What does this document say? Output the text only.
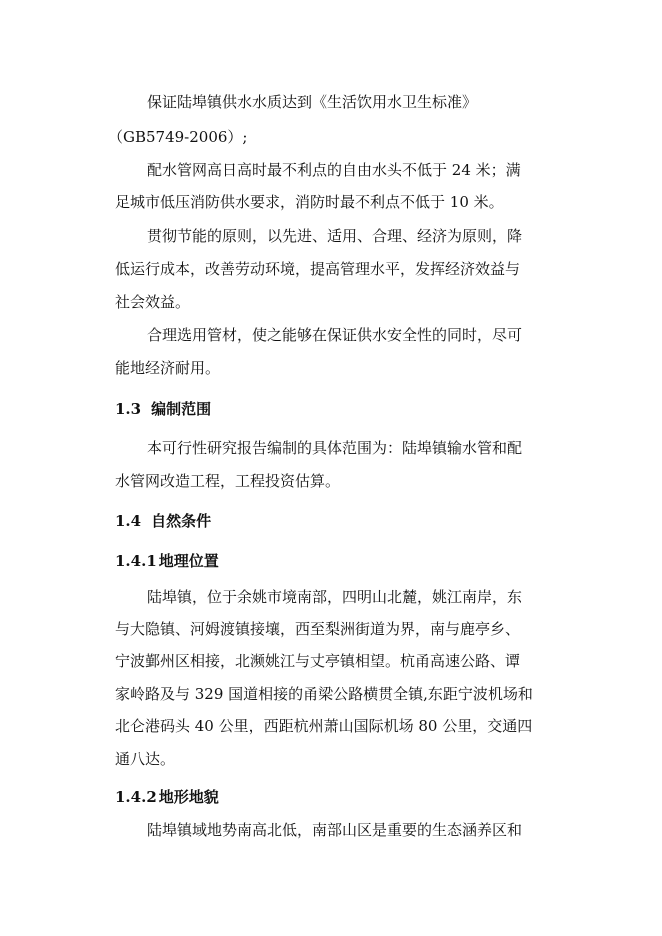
保证陆埠镇供水水质达到《生活饮用水卫生标准》
（GB5749-2006）;
配水管网高日高时最不利点的自由水头不低于 24 米；满
足城市低压消防供水要求，消防时最不利点不低于 10 米。
贯彻节能的原则，以先进、适用、合理、经济为原则，降
低运行成本，改善劳动环境，提高管理水平，发挥经济效益与
社会效益。
合理选用管材，使之能够在保证供水安全性的同时，尽可
能地经济耐用。
1.3 编制范围
本可行性研究报告编制的具体范围为：陆埠镇输水管和配
水管网改造工程，工程投资估算。
1.4 自然条件
1.4.1 地理位置
陆埠镇，位于余姚市境南部，四明山北麓，姚江南岸，东
与大隐镇、河姆渡镇接壤，西至梨洲街道为界，南与鹿亭乡、
宁波鄞州区相接，北濒姚江与丈亭镇相望。杭甬高速公路、谭
家岭路及与 329 国道相接的甬梁公路横贯全镇,东距宁波机场和
北仑港码头 40 公里，西距杭州萧山国际机场 80 公里，交通四
通八达。
1.4.2 地形地貌
陆埠镇域地势南高北低，南部山区是重要的生态涵养区和
